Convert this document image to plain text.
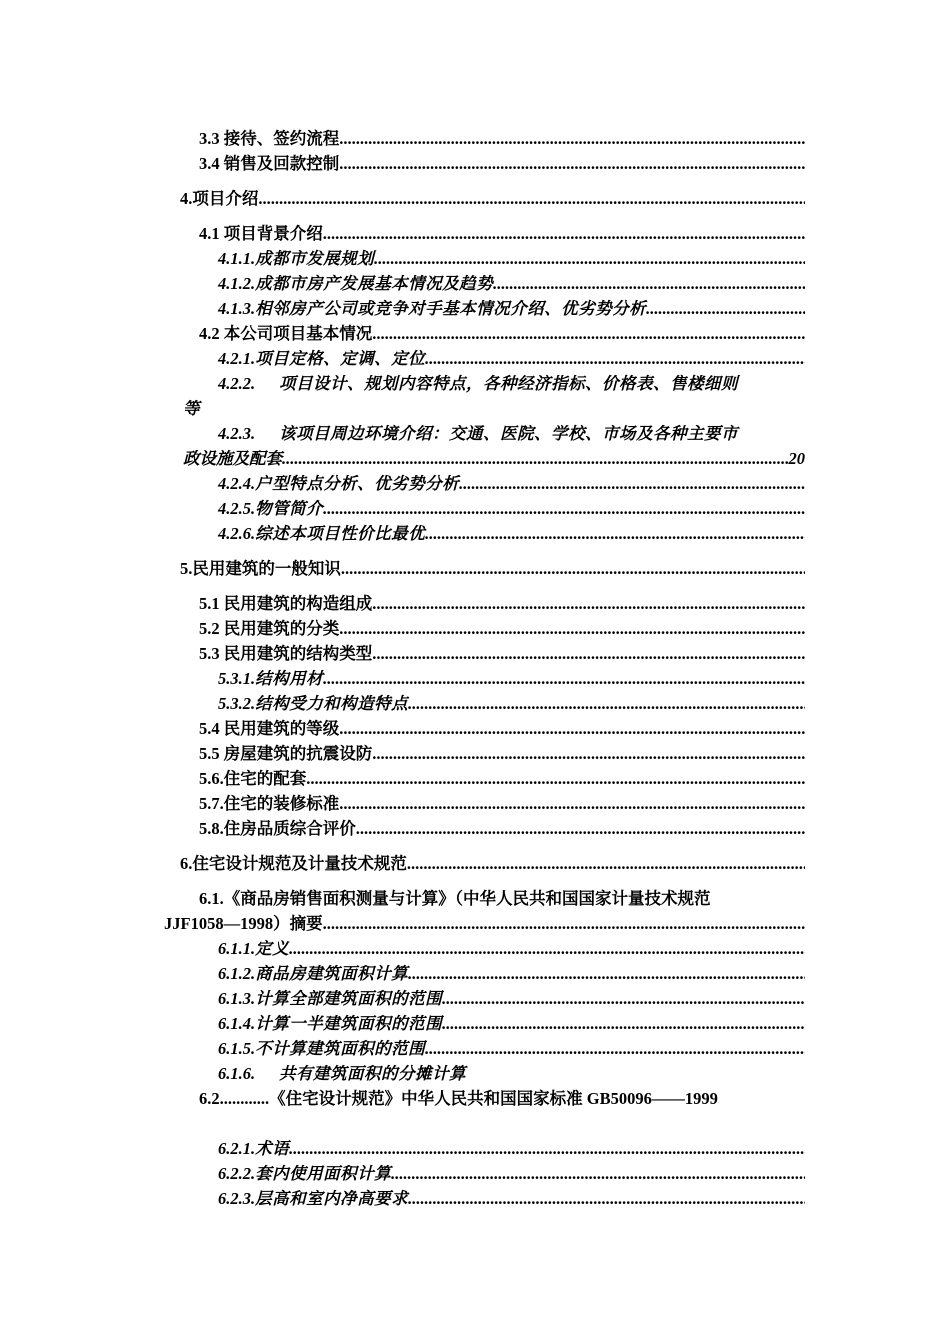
3.3
接待、签约流程
.....
3.4
销售及回款控制
.....
4. 项目介绍
.....
4.1
项目背景介绍
.....
4.1.1. 成都市发展规划
.....
4.1.2. 成都市房产发展基本情况及趋势
.....
4.1.3. 相邻房产公司或竞争对手基本情况介绍、优劣势分析
.....
4.2
本公司项目基本情况
.....
4.2.1. 项目定格、定调、定位
.....
4.2.2.	项目设计、规划内容特点，各种经济指标、价格表、售楼细则
等
4.2.3.	该项目周边环境介绍：交通、医院、学校、市场及各种主要市
政设施及配套
.....	20
4.2.4. 户型特点分析、优劣势分析
.....
4.2.5. 物管简介
.....
4.2.6. 综述本项目性价比最优
.....
5. 民用建筑的一般知识
.....
5.1
民用建筑的构造组成
.....
5.2
民用建筑的分类
.....
5.3
民用建筑的结构类型
.....
5.3.1. 结构用材
.....
5.3.2. 结构受力和构造特点
.....
5.4
民用建筑的等级
.....
5.5
房屋建筑的抗震设防
.....
5.6. 住宅的配套
.....
5.7. 住宅的装修标准
.....
5.8. 住房品质综合评价
.....
6. 住宅设计规范及计量技术规范
.....
6.1. 《商品房销售面积测量与计算》（中华人民共和国国家计量技术规范
JJF1058—1998）摘要
.....
6.1.1. 定义
.....
6.1.2. 商品房建筑面积计算
.....
6.1.3. 计算全部建筑面积的范围
.....
6.1.4. 计算一半建筑面积的范围
.....
6.1.5. 不计算建筑面积的范围
.....
6.1.6.	共有建筑面积的分摊计算
6.2 ............ 《住宅设计规范》中华人民共和国国家标准 GB50096——1999
6.2.1. 术语
.....
6.2.2. 套内使用面积计算
.....
6.2.3. 层高和室内净高要求
.....
